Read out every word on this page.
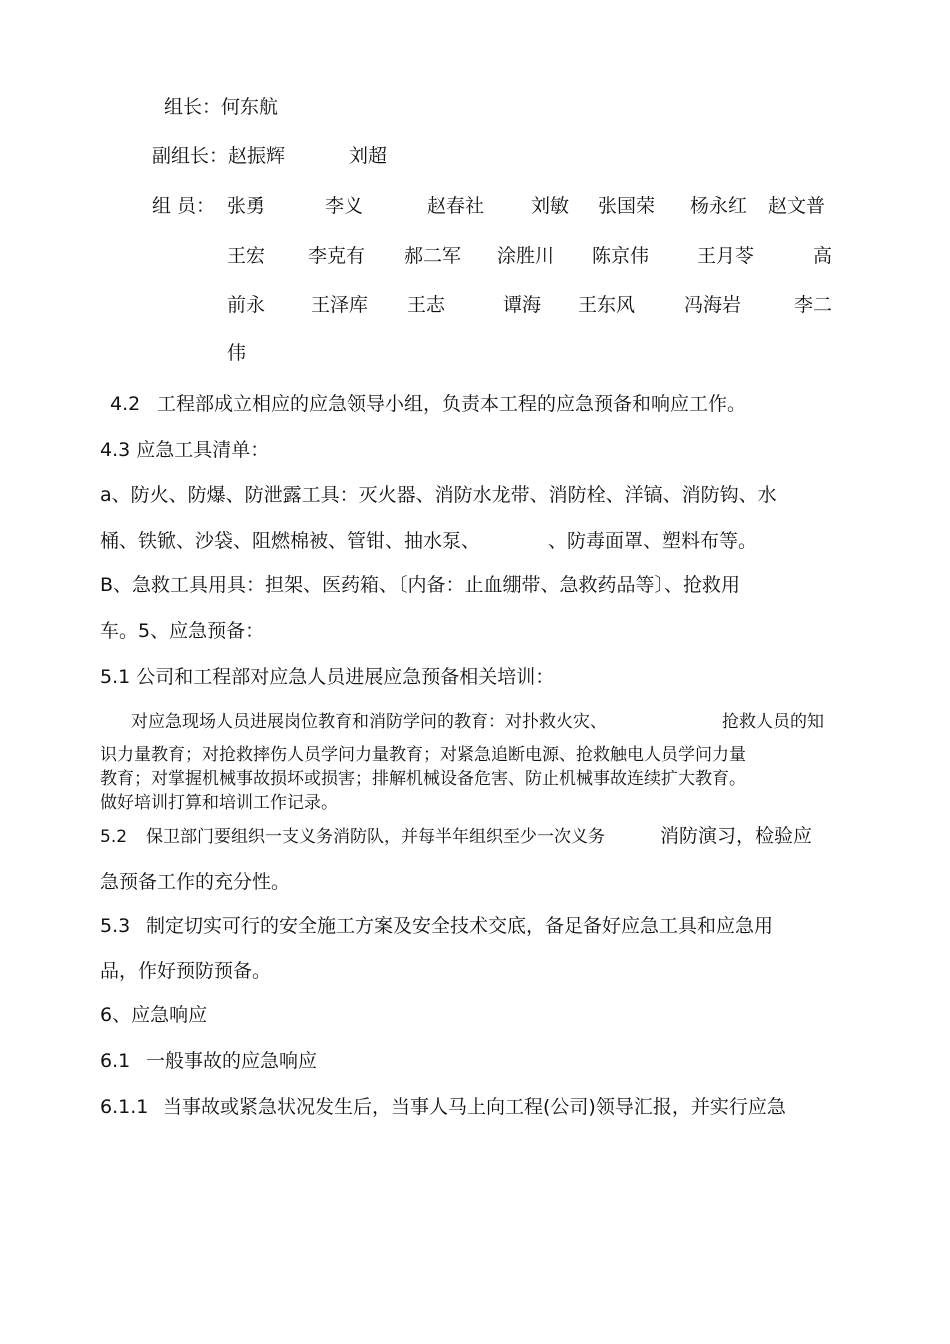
组长：何东航
副组长：赵振辉	刘超
组 员： 张勇	李义	赵春社 刘敏 张国荣 杨永红 赵文普
王宏 李克有 郝二军 涂胜川 陈京伟	王月苓	高
前永 王泽库 王志	谭海 王东风	冯海岩	李二
伟
4.2 工程部成立相应的应急领导小组，负责本工程的应急预备和响应工作。
4.3 应急工具清单：
a、防火、防爆、防泄露工具：灭火器、消防水龙带、消防栓、洋镐、消防钩、水
桶、铁锨、沙袋、阻燃棉被、管钳、抽水泵、	、防毒面罩、塑料布等。
B、急救工具用具：担架、医药箱、〔内备：止血绷带、急救药品等〕、抢救用
车。5、应急预备：
5.1 公司和工程部对应急人员进展应急预备相关培训：
对应急现场人员进展岗位教育和消防学问的教育：对扑救火灾、	抢救人员的知
识力量教育；对抢救摔伤人员学问力量教育；对紧急追断电源、抢救触电人员学问力量
教育；对掌握机械事故损坏或损害；排解机械设备危害、防止机械事故连续扩大教育。
做好培训打算和培训工作记录。
5.2 保卫部门要组织一支义务消防队，并每半年组织至少一次义务	消防演习，检验应
急预备工作的充分性。
5.3 制定切实可行的安全施工方案及安全技术交底，备足备好应急工具和应急用
品，作好预防预备。
6、应急响应
6.1 一般事故的应急响应
6.1.1 当事故或紧急状况发生后，当事人马上向工程(公司)领导汇报，并实行应急
